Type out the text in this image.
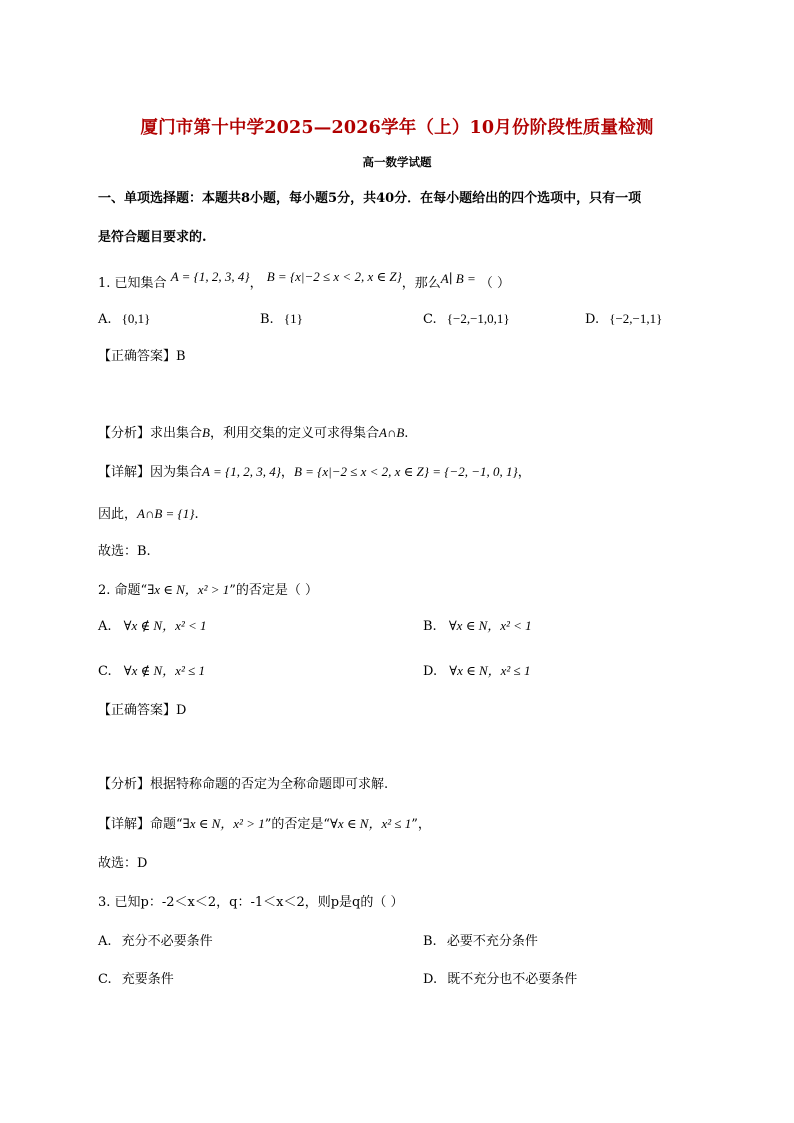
厦门市第十中学2025—2026学年（上）10月份阶段性质量检测
高一数学试题
一、单项选择题：本题共8小题，每小题5分，共40分．在每小题给出的四个选项中，只有一项
是符合题目要求的.
1. 已知集合 A = {1, 2, 3, 4}， B = {x|−2 ≤ x < 2, x ∈ Z}，那么A∣ B = （ ）
A. {0,1}	B. {1}	C. {−2,−1,0,1}	D. {−2,−1,1}
【正确答案】B
【分析】求出集合B，利用交集的定义可求得集合A∩B.
【详解】因为集合A = {1, 2, 3, 4}，B = {x|−2 ≤ x < 2, x ∈ Z} = {−2, −1, 0, 1}，
因此，A∩B = {1}.
故选：B.
2. 命题“∃x ∈ N，x² > 1”的否定是（ ）
A. ∀x ∉ N，x² < 1	B. ∀x ∈ N，x² < 1
C. ∀x ∉ N，x² ≤ 1	D. ∀x ∈ N，x² ≤ 1
【正确答案】D
【分析】根据特称命题的否定为全称命题即可求解.
【详解】命题“∃x ∈ N，x² > 1”的否定是“∀x ∈ N，x² ≤ 1”，
故选：D
3. 已知p：-2＜x＜2，q：-1＜x＜2，则p是q的（ ）
A. 充分不必要条件	B. 必要不充分条件
C. 充要条件	D. 既不充分也不必要条件
